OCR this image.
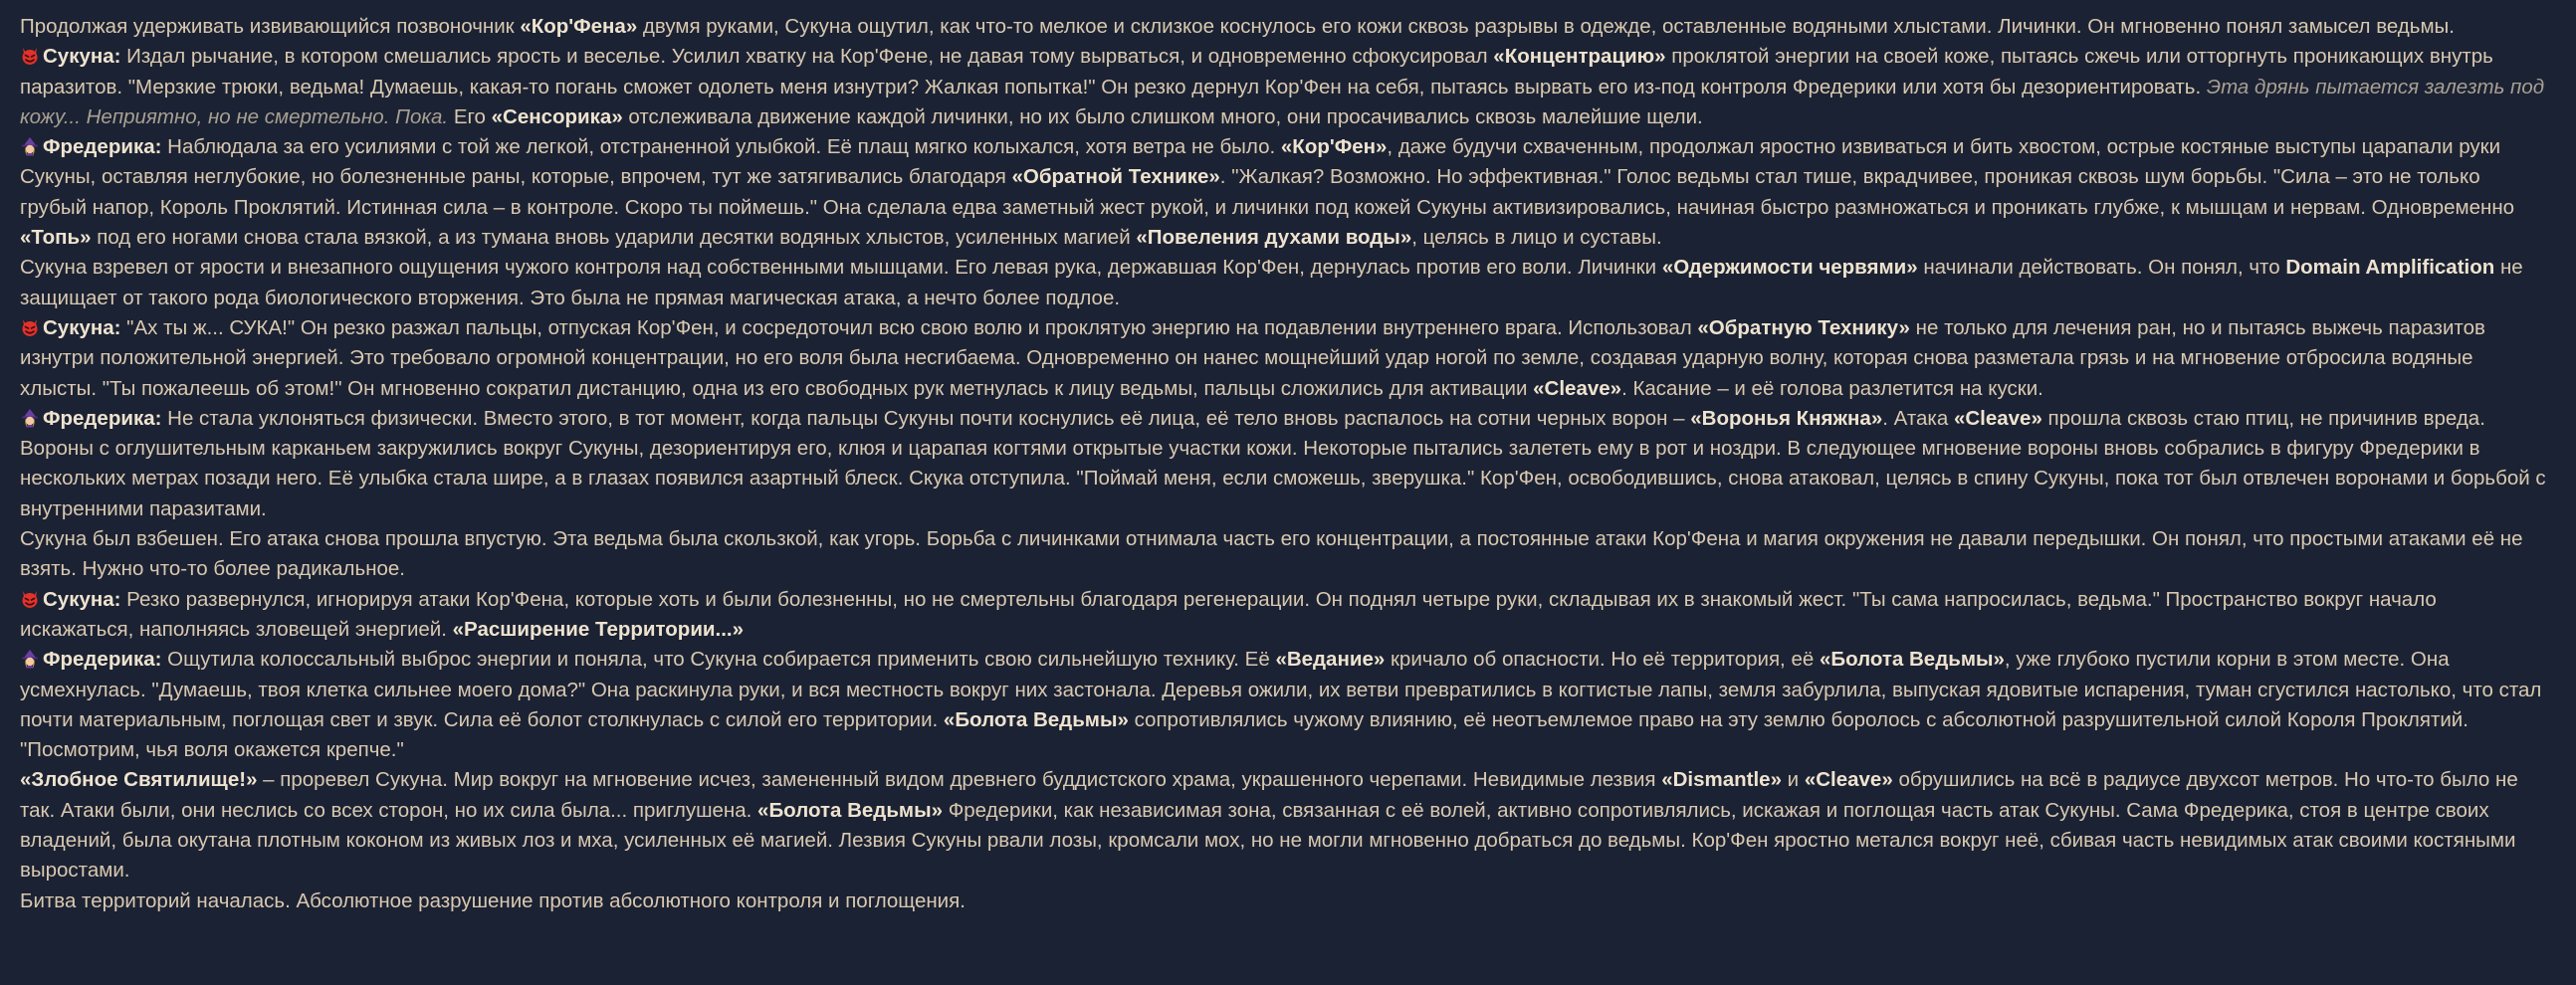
Продолжая удерживать извивающийся позвоночник «Кор'Фена» двумя руками, Сукуна ощутил, как что-то мелкое и склизкое коснулось его кожи сквозь разрывы в одежде, оставленные водяными хлыстами. Личинки. Он мгновенно понял замысел ведьмы.

Сукуна: Издал рычание, в котором смешались ярость и веселье. Усилил хватку на Кор'Фене, не давая тому вырваться, и одновременно сфокусировал «Концентрацию» проклятой энергии на своей коже, пытаясь сжечь или отторгнуть проникающих внутрь паразитов. "Мерзкие трюки, ведьма! Думаешь, какая-то погань сможет одолеть меня изнутри? Жалкая попытка!" Он резко дернул Кор'Фен на себя, пытаясь вырвать его из-под контроля Фредерики или хотя бы дезориентировать. Эта дрянь пытается залезть под кожу... Неприятно, но не смертельно. Пока. Его «Сенсорика» отслеживала движение каждой личинки, но их было слишком много, они просачивались сквозь малейшие щели.

Фредерика: Наблюдала за его усилиями с той же легкой, отстраненной улыбкой. Её плащ мягко колыхался, хотя ветра не было. «Кор'Фен», даже будучи схваченным, продолжал яростно извиваться и бить хвостом, острые костяные выступы царапали руки Сукуны, оставляя неглубокие, но болезненные раны, которые, впрочем, тут же затягивались благодаря «Обратной Технике». "Жалкая? Возможно. Но эффективная." Голос ведьмы стал тише, вкрадчивее, проникая сквозь шум борьбы. "Сила – это не только грубый напор, Король Проклятий. Истинная сила – в контроле. Скоро ты поймешь." Она сделала едва заметный жест рукой, и личинки под кожей Сукуны активизировались, начиная быстро размножаться и проникать глубже, к мышцам и нервам. Одновременно «Топь» под его ногами снова стала вязкой, а из тумана вновь ударили десятки водяных хлыстов, усиленных магией «Повеления духами воды», целясь в лицо и суставы.

Сукуна взревел от ярости и внезапного ощущения чужого контроля над собственными мышцами. Его левая рука, державшая Кор'Фен, дернулась против его воли. Личинки «Одержимости червями» начинали действовать. Он понял, что Domain Amplification не защищает от такого рода биологического вторжения. Это была не прямая магическая атака, а нечто более подлое.

Сукуна: "Ах ты ж... СУКА!" Он резко разжал пальцы, отпуская Кор'Фен, и сосредоточил всю свою волю и проклятую энергию на подавлении внутреннего врага. Использовал «Обратную Технику» не только для лечения ран, но и пытаясь выжечь паразитов изнутри положительной энергией. Это требовало огромной концентрации, но его воля была несгибаема. Одновременно он нанес мощнейший удар ногой по земле, создавая ударную волну, которая снова разметала грязь и на мгновение отбросила водяные хлысты. "Ты пожалеешь об этом!" Он мгновенно сократил дистанцию, одна из его свободных рук метнулась к лицу ведьмы, пальцы сложились для активации «Cleave». Касание – и её голова разлетится на куски.

Фредерика: Не стала уклоняться физически. Вместо этого, в тот момент, когда пальцы Сукуны почти коснулись её лица, её тело вновь распалось на сотни черных ворон – «Воронья Княжна». Атака «Cleave» прошла сквозь стаю птиц, не причинив вреда. Вороны с оглушительным карканьем закружились вокруг Сукуны, дезориентируя его, клюя и царапая когтями открытые участки кожи. Некоторые пытались залететь ему в рот и ноздри. В следующее мгновение вороны вновь собрались в фигуру Фредерики в нескольких метрах позади него. Её улыбка стала шире, а в глазах появился азартный блеск. Скука отступила. "Поймай меня, если сможешь, зверушка." Кор'Фен, освободившись, снова атаковал, целясь в спину Сукуны, пока тот был отвлечен воронами и борьбой с внутренними паразитами.

Сукуна был взбешен. Его атака снова прошла впустую. Эта ведьма была скользкой, как угорь. Борьба с личинками отнимала часть его концентрации, а постоянные атаки Кор'Фена и магия окружения не давали передышки. Он понял, что простыми атаками её не взять. Нужно что-то более радикальное.

Сукуна: Резко развернулся, игнорируя атаки Кор'Фена, которые хоть и были болезненны, но не смертельны благодаря регенерации. Он поднял четыре руки, складывая их в знакомый жест. "Ты сама напросилась, ведьма." Пространство вокруг начало искажаться, наполняясь зловещей энергией. «Расширение Территории...»

Фредерика: Ощутила колоссальный выброс энергии и поняла, что Сукуна собирается применить свою сильнейшую технику. Её «Ведание» кричало об опасности. Но её территория, её «Болота Ведьмы», уже глубоко пустили корни в этом месте. Она усмехнулась. "Думаешь, твоя клетка сильнее моего дома?" Она раскинула руки, и вся местность вокруг них застонала. Деревья ожили, их ветви превратились в когтистые лапы, земля забурлила, выпуская ядовитые испарения, туман сгустился настолько, что стал почти материальным, поглощая свет и звук. Сила её болот столкнулась с силой его территории. «Болота Ведьмы» сопротивлялись чужому влиянию, её неотъемлемое право на эту землю боролось с абсолютной разрушительной силой Короля Проклятий. "Посмотрим, чья воля окажется крепче."

«Злобное Святилище!» – проревел Сукуна. Мир вокруг на мгновение исчез, замененный видом древнего буддистского храма, украшенного черепами. Невидимые лезвия «Dismantle» и «Cleave» обрушились на всё в радиусе двухсот метров. Но что-то было не так. Атаки были, они неслись со всех сторон, но их сила была... приглушена. «Болота Ведьмы» Фредерики, как независимая зона, связанная с её волей, активно сопротивлялись, искажая и поглощая часть атак Сукуны. Сама Фредерика, стоя в центре своих владений, была окутана плотным коконом из живых лоз и мха, усиленных её магией. Лезвия Сукуны рвали лозы, кромсали мох, но не могли мгновенно добраться до ведьмы. Кор'Фен яростно метался вокруг неё, сбивая часть невидимых атак своими костяными выростами.

Битва территорий началась. Абсолютное разрушение против абсолютного контроля и поглощения.
